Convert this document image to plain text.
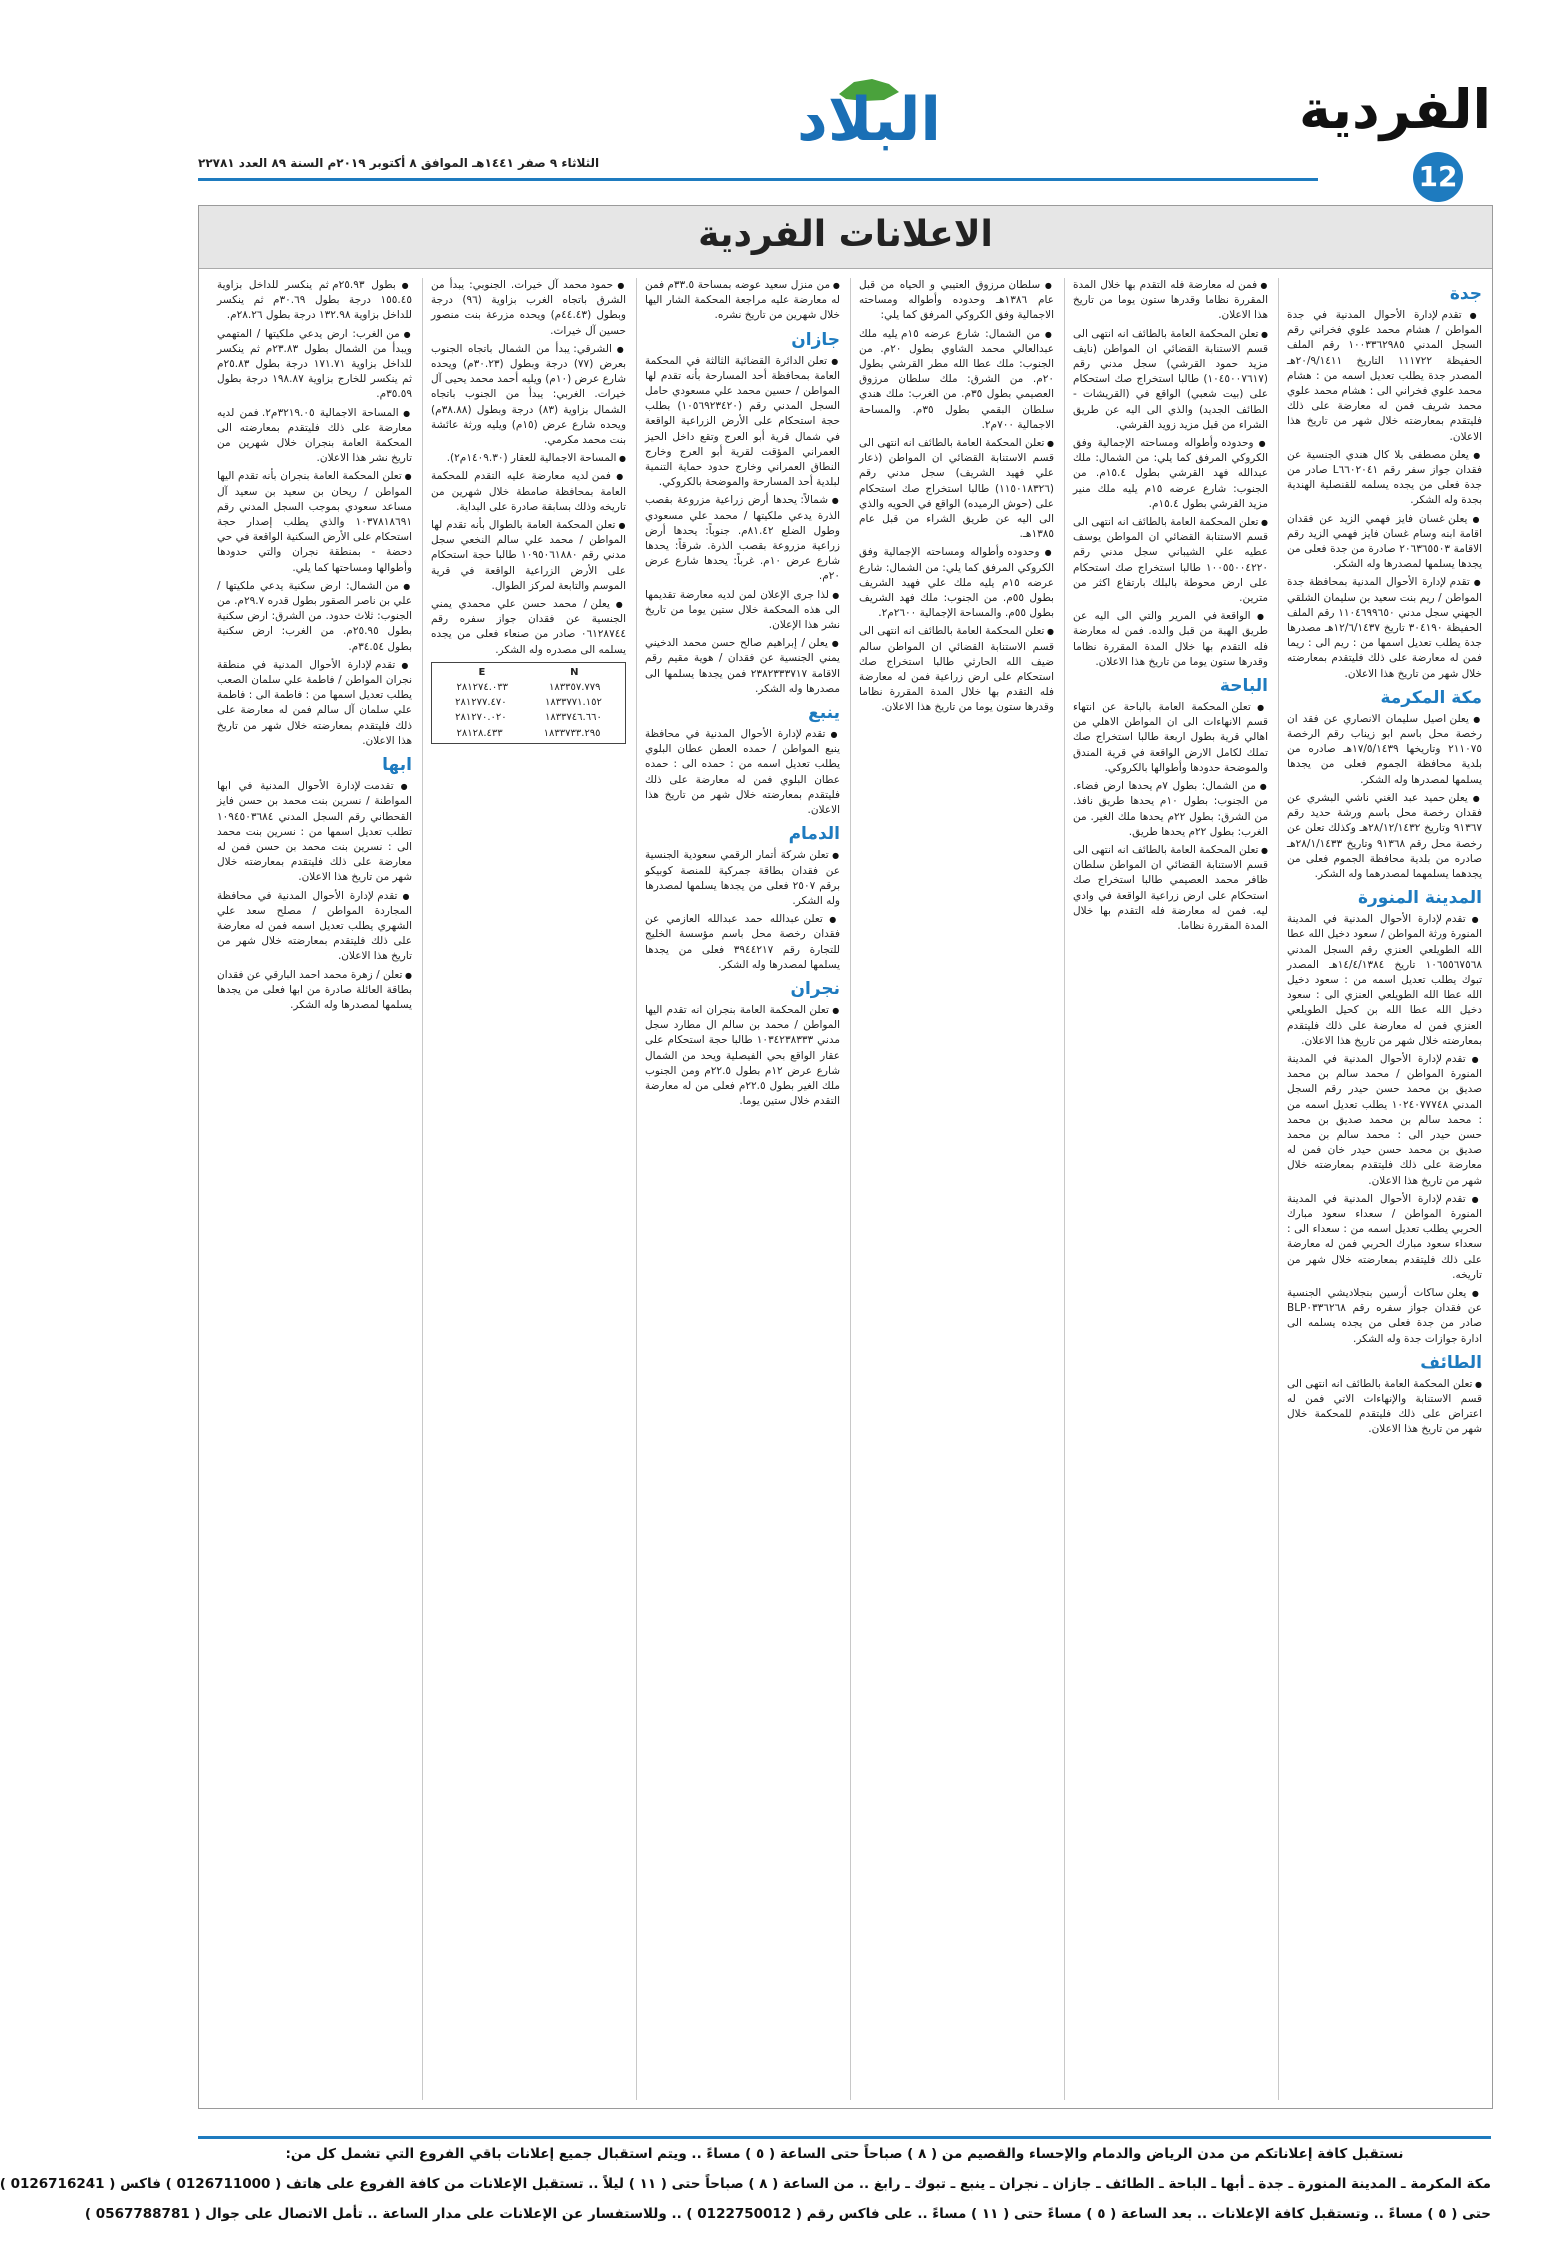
الفردية
12
البلاد
الثلاثاء ٩ صفر ١٤٤١هـ الموافق ٨ أكتوبر ٢٠١٩م السنة ٨٩ العدد ٢٢٧٨١
الاعلانات الفردية
جدة
● تقدم لإدارة الأحوال المدنية في جدة المواطن / هشام محمد علوي فخراني رقم السجل المدني ١٠٠٣٣٦٢٩٨٥ رقم الملف الحفيظة ١١١٧٢٢ التاريخ ٢٠/٩/١٤١١هـ المصدر جدة يطلب تعديل اسمه من : هشام محمد علوي فخراني الى : هشام محمد علوي محمد شريف فمن له معارضة على ذلك فليتقدم بمعارضته خلال شهر من تاريخ هذا الاعلان.
● يعلن مصطفى بلا كال هندي الجنسية عن فقدان جواز سفر رقم L٦٦٠٢٠٤١ صادر من جدة فعلى من يجده يسلمه للقنصلية الهندية بجدة وله الشكر.
● يعلن غسان فايز فهمي الزيد عن فقدان اقامة ابنه وسام غسان فايز فهمي الزيد رقم الاقامة ٢٠٦٣٦٥٥٠٣ صادرة من جدة فعلى من يجدها يسلمها لمصدرها وله الشكر.
● تقدم لإدارة الأحوال المدنية بمحافظة جدة المواطن / ريم بنت سعيد بن سليمان الشلقي الجهني سجل مدني ١١٠٤٦٩٩٦٥٠ رقم الملف الحفيظة ٣٠٤١٩٠ تاريخ ١٢/٦/١٤٣٧هـ مصدرها جدة يطلب تعديل اسمها من : ريم الى : ريما فمن له معارضة على ذلك فليتقدم بمعارضته خلال شهر من تاريخ هذا الاعلان.
مكة المكرمة
● يعلن اصيل سليمان الانصاري عن فقد ان رخصة محل باسم ابو زيناب رقم الرخصة ٢١١٠٧٥ وتاريخها ١٧/٥/١٤٣٩هـ صادره من بلدية محافظة الجموم فعلى من يجدها يسلمها لمصدرها وله الشكر.
● يعلن حميد عبد الغني ناشي البشري عن فقدان رخصة محل باسم ورشة حديد رقم ٩١٣٦٧ وتاريخ ٢٨/١٢/١٤٣٢هـ وكذلك تعلن عن رخصة محل رقم ٩١٣٦٨ وتاريخ ٢٨/١/١٤٣٣هـ صادره من بلدية محافظة الجموم فعلى من يجدهما يسلمهما لمصدرهما وله الشكر.
المدينة المنورة
● تقدم لإدارة الأحوال المدنية في المدينة المنورة ورثة المواطن / سعود دخيل الله عطا الله الطويلعي العنزي رقم السجل المدني ١٠٦٥٥٦٧٥٦٨ تاريخ ١٤/٤/١٣٨٤هـ المصدر تبوك يطلب تعديل اسمه من : سعود دخيل الله عطا الله الطويلعي العنزي الى : سعود دخيل الله عطا الله بن كحيل الطويلعي العنزي فمن له معارضة على ذلك فليتقدم بمعارضته خلال شهر من تاريخ هذا الاعلان.
● تقدم لإدارة الأحوال المدنية في المدينة المنورة المواطن / محمد سالم بن محمد صديق بن محمد حسن حيدر رقم السجل المدني ١٠٢٤٠٧٧٧٤٨ يطلب تعديل اسمه من : محمد سالم بن محمد صديق بن محمد حسن حيدر الى : محمد سالم بن محمد صديق بن محمد حسن حيدر خان فمن له معارضة على ذلك فليتقدم بمعارضته خلال شهر من تاريخ هذا الاعلان.
● تقدم لإدارة الأحوال المدنية في المدينة المنورة المواطن / سعداء سعود مبارك الحربي يطلب تعديل اسمه من : سعداء الى : سعداء سعود مبارك الحربي فمن له معارضة على ذلك فليتقدم بمعارضته خلال شهر من تاريخه.
● يعلن ساكات أرسين بنجلاديشي الجنسية عن فقدان جواز سفره رقم BLP٠٣٣٦٢٦٨ صادر من جدة فعلى من يجده يسلمه الى ادارة جوازات جدة وله الشكر.
الطائف
● تعلن المحكمة العامة بالطائف انه انتهى الى قسم الاستنابة والإنهاءات الاتي فمن له اعتراض على ذلك فليتقدم للمحكمة خلال شهر من تاريخ هذا الاعلان.
● فمن له معارضة فله التقدم بها خلال المدة المقررة نظاما وقدرها ستون يوما من تاريخ هذا الاعلان.
● تعلن المحكمة العامة بالطائف انه انتهى الى قسم الاستنابة القضائي ان المواطن (نايف مزيد حمود القرشي) سجل مدني رقم (١٠٤٥٠٠٧٦١٧) طالبا استخراج صك استحكام على (بيت شعبي) الواقع في (القريشات - الطائف الجديد) والذي الى اليه عن طريق الشراء من قبل مزيد زويد القرشي.
● وحدوده وأطواله ومساحته الإجمالية وفق الكروكي المرفق كما يلي: من الشمال: ملك عبدالله فهد القرشي بطول ١٥.٤م. من الجنوب: شارع عرضه ١٥م يليه ملك منير مزيد القرشي بطول ١٥.٤م.
● تعلن المحكمة العامة بالطائف انه انتهى الى قسم الاستنابة القضائي ان المواطن يوسف عطيه علي الشيباني سجل مدني رقم ١٠٠٥٥٠٠٤٢٢٠ طالبا استخراج صك استحكام على ارض محوطة بالبلك بارتفاع اكثر من مترين.
● الواقعة في المرير والتي الى اليه عن طريق الهبة من قبل والده. فمن له معارضة فله التقدم بها خلال المدة المقررة نظاما وقدرها ستون يوما من تاريخ هذا الاعلان.
الباحة
● تعلن المحكمة العامة بالباحة عن انتهاء قسم الانهاءات الى ان المواطن الاهلي من اهالي قرية بطول اربعة طالبا استخراج صك تملك لكامل الارض الواقعة في قرية المندق والموضحة حدودها وأطوالها بالكروكي.
● من الشمال: بطول ٧م يحدها ارض فضاء. من الجنوب: بطول ١٠م يحدها طريق نافذ. من الشرق: بطول ٢٢م يحدها ملك الغير. من الغرب: بطول ٢٢م يحدها طريق.
● تعلن المحكمة العامة بالطائف انه انتهى الى قسم الاستنابة القضائي ان المواطن سلطان ظافر محمد العصيمي طالبا استخراج صك استحكام على ارض زراعية الواقعة في وادي ليه. فمن له معارضة فله التقدم بها خلال المدة المقررة نظاما.
● سلطان مرزوق العتيبي و الحياه من قبل عام ١٣٨٦هـ وحدوده وأطواله ومساحته الاجمالية وفق الكروكي المرفق كما يلي:
● من الشمال: شارع عرضه ١٥م يليه ملك عبدالعالي محمد الشاوي بطول ٢٠م. من الجنوب: ملك عطا الله مطر القرشي بطول ٢٠م. من الشرق: ملك سلطان مرزوق العصيمي بطول ٣٥م. من الغرب: ملك هندي سلطان البقمي بطول ٣٥م. والمساحة الاجمالية ٧٠٠م٢.
● تعلن المحكمة العامة بالطائف انه انتهى الى قسم الاستنابة القضائي ان المواطن (ذعار علي فهيد الشريف) سجل مدني رقم (١١٥٠١٨٣٢٦) طالبا استخراج صك استحكام على (حوش الرميده) الواقع في الحويه والذي الى اليه عن طريق الشراء من قبل عام ١٣٨٥هـ.
● وحدوده وأطواله ومساحته الإجمالية وفق الكروكي المرفق كما يلي: من الشمال: شارع عرضه ١٥م يليه ملك علي فهيد الشريف بطول ٥٥م. من الجنوب: ملك فهد الشريف بطول ٥٥م. والمساحة الإجمالية ٢٦٠٠م٢.
● تعلن المحكمة العامة بالطائف انه انتهى الى قسم الاستنابة القضائي ان المواطن سالم ضيف الله الحارثي طالبا استخراج صك استحكام على ارض زراعية فمن له معارضة فله التقدم بها خلال المدة المقررة نظاما وقدرها ستون يوما من تاريخ هذا الاعلان.
● من منزل سعيد عوضه بمساحة ٣٣.٥م فمن له معارضة عليه مراجعة المحكمة الشار اليها خلال شهرين من تاريخ نشره.
جازان
● تعلن الدائرة القضائية الثالثة في المحكمة العامة بمحافظة أحد المسارحة بأنه تقدم لها المواطن / حسين محمد علي مسعودي حامل السجل المدني رقم (١٠٥٦٩٢٣٤٢٠) بطلب حجة استحكام على الأرض الزراعية الواقعة في شمال قرية أبو العرج وتقع داخل الحيز العمراني المؤقت لقرية أبو العرج وخارج النطاق العمراني وخارج حدود حماية التنمية لبلدية أحد المسارحة والموضحة بالكروكي.
● شمالاً: يحدها أرض زراعية مزروعة بقصب الذرة يدعي ملكيتها / محمد علي مسعودي وطول الضلع ٨١.٤٢م. جنوباً: يحدها أرض زراعية مزروعة بقصب الذرة. شرقاً: يحدها شارع عرض ١٠م. غرباً: يحدها شارع عرض ٢٠م.
● لذا جرى الإعلان لمن لديه معارضة تقديمها الى هذه المحكمة خلال ستين يوما من تاريخ نشر هذا الإعلان.
● يعلن / إبراهيم صالح حسن محمد الدخيني يمني الجنسية عن فقدان / هوية مقيم رقم الاقامة ٢٣٨٢٣٣٣٧١٧ فمن يجدها يسلمها الى مصدرها وله الشكر.
ينبع
● تقدم لإدارة الأحوال المدنية في محافظة ينبع المواطن / حمده العطن عطان البلوي يطلب تعديل اسمه من : حمده الى : حمده عطان البلوي فمن له معارضة على ذلك فليتقدم بمعارضته خلال شهر من تاريخ هذا الاعلان.
الدمام
● تعلن شركة أتمار الرقمي سعودية الجنسية عن فقدان بطاقة جمركية للمنصة كوبيكو برقم ٢٥٠٧ فعلى من يجدها يسلمها لمصدرها وله الشكر.
● تعلن عبدالله حمد عبدالله العازمي عن فقدان رخصة محل باسم مؤسسة الخليج للتجارة رقم ٣٩٤٤٢١٧ فعلى من يجدها يسلمها لمصدرها وله الشكر.
نجران
● تعلن المحكمة العامة بنجران انه تقدم اليها المواطن / محمد بن سالم ال مطارد سجل مدني ١٠٣٤٢٣٨٣٣٣ طالبا حجة استحكام على عقار الواقع بحي الفيصلية ويحد من الشمال شارع عرض ١٢م بطول ٢٢.٥م ومن الجنوب ملك الغير بطول ٢٢.٥م فعلى من له معارضة التقدم خلال ستين يوما.
● حمود محمد آل خيرات. الجنوبي: يبدأ من الشرق باتجاه الغرب بزاوية (٩٦) درجة وبطول (٤٤.٤٣م) ويحده مزرعة بنت منصور حسين آل خيرات.
● الشرقي: يبدأ من الشمال باتجاه الجنوب بعرض (٧٧) درجة وبطول (٣٠.٢٣م) ويحده شارع عرض (١٠م) ويليه أحمد محمد يحيى آل خيرات. الغربي: يبدأ من الجنوب باتجاه الشمال بزاوية (٨٣) درجة وبطول (٣٨.٨٨م) ويحده شارع عرض (١٥م) ويليه ورثة عائشة بنت محمد مكرمي.
● المساحة الاجمالية للعقار (١٤٠٩.٣٠م٢).
● فمن لديه معارضة عليه التقدم للمحكمة العامة بمحافظة صامطة خلال شهرين من تاريخه وذلك بسابقة صادرة على البداية.
● تعلن المحكمة العامة بالطوال بأنه تقدم لها المواطن / محمد علي سالم النخعي سجل مدني رقم ١٠٩٥٠٦١٨٨٠ طالبا حجة استحكام على الأرض الزراعية الواقعة في قرية الموسم والتابعة لمركز الطوال.
● يعلن / محمد حسن علي محمدي يمني الجنسية عن فقدان جواز سفره رقم ٠٦١٢٨٧٤٤ صادر من صنعاء فعلى من يجده يسلمه الى مصدره وله الشكر.
E	N
٢٨١٢٧٤.٠٣٣	١٨٣٣٥٧.٧٧٩
٢٨١٢٧٧.٤٧٠	١٨٣٣٧٧١.١٥٢
٢٨١٢٧٠.٠٢٠	١٨٣٣٧٤٦.٦٦٠
٢٨١٢٨.٤٣٣	١٨٣٣٧٣٣.٢٩٥
● بطول ٢٥.٩٣م ثم ينكسر للداخل بزاوية ١٥٥.٤٥ درجة بطول ٣٠.٦٩م ثم ينكسر للداخل بزاوية ١٣٢.٩٨ درجة بطول ٢٨.٢٦م.
● من الغرب: ارض يدعي ملكيتها / المتهمي ويبدأ من الشمال بطول ٢٣.٨٣م ثم ينكسر للداخل بزاوية ١٧١.٧١ درجة بطول ٢٥.٨٣م ثم ينكسر للخارج بزاوية ١٩٨.٨٧ درجة بطول ٣٥.٥٩م.
● المساحة الاجمالية ٣٢١٩.٠٥م٢. فمن لديه معارضة على ذلك فليتقدم بمعارضته الى المحكمة العامة بنجران خلال شهرين من تاريخ نشر هذا الاعلان.
● تعلن المحكمة العامة بنجران بأنه تقدم اليها المواطن / ريحان بن سعيد بن سعيد آل مساعد سعودي بموجب السجل المدني رقم ١٠٣٧٨١٨٦٩١ والذي يطلب إصدار حجة استحكام على الأرض السكنية الواقعة في حي دحضة - بمنطقة نجران والتي حدودها وأطوالها ومساحتها كما يلي.
● من الشمال: ارض سكنية يدعي ملكيتها / علي بن ناصر الصقور بطول قدره ٢٩.٧م. من الجنوب: ثلاث حدود. من الشرق: ارض سكنية بطول ٢٥.٩٥م. من الغرب: ارض سكنية بطول ٣٤.٥٤م.
● تقدم لإدارة الأحوال المدنية في منطقة نجران المواطن / فاطمة علي سلمان الصعب يطلب تعديل اسمها من : فاطمة الى : فاطمة علي سلمان آل سالم فمن له معارضة على ذلك فليتقدم بمعارضته خلال شهر من تاريخ هذا الاعلان.
ابها
● تقدمت لإدارة الأحوال المدنية في ابها المواطنة / نسرين بنت محمد بن حسن فايز القحطاني رقم السجل المدني ١٠٩٤٥٠٣٦٨٤ تطلب تعديل اسمها من : نسرين بنت محمد الى : نسرين بنت محمد بن حسن فمن له معارضة على ذلك فليتقدم بمعارضته خلال شهر من تاريخ هذا الاعلان.
● تقدم لإدارة الأحوال المدنية في محافظة المجاردة المواطن / مصلح سعد علي الشهري يطلب تعديل اسمه فمن له معارضة على ذلك فليتقدم بمعارضته خلال شهر من تاريخ هذا الاعلان.
● تعلن / زهرة محمد احمد البارقي عن فقدان بطاقة العائلة صادرة من ابها فعلى من يجدها يسلمها لمصدرها وله الشكر.
نستقبل كافة إعلاناتكم من مدن الرياض والدمام والإحساء والقصيم من ( ٨ ) صباحاً حتى الساعة ( ٥ ) مساءً .. ويتم استقبال جميع إعلانات باقي الفروع التي تشمل كل من:
مكة المكرمة ـ المدينة المنورة ـ جدة ـ أبها ـ الباحة ـ الطائف ـ جازان ـ نجران ـ ينبع ـ تبوك ـ رابغ .. من الساعة ( ٨ ) صباحاً حتى ( ١١ ) ليلاً .. تستقبل الإعلانات من كافة الفروع على هاتف ( 0126711000 ) فاكس ( 0126716241 )
حتى ( ٥ ) مساءً .. وتستقبل كافة الإعلانات .. بعد الساعة ( ٥ ) مساءً حتى ( ١١ ) مساءً .. على فاكس رقم ( 0122750012 ) .. وللاستفسار عن الإعلانات على مدار الساعة .. تأمل الاتصال على جوال ( 0567788781 )
